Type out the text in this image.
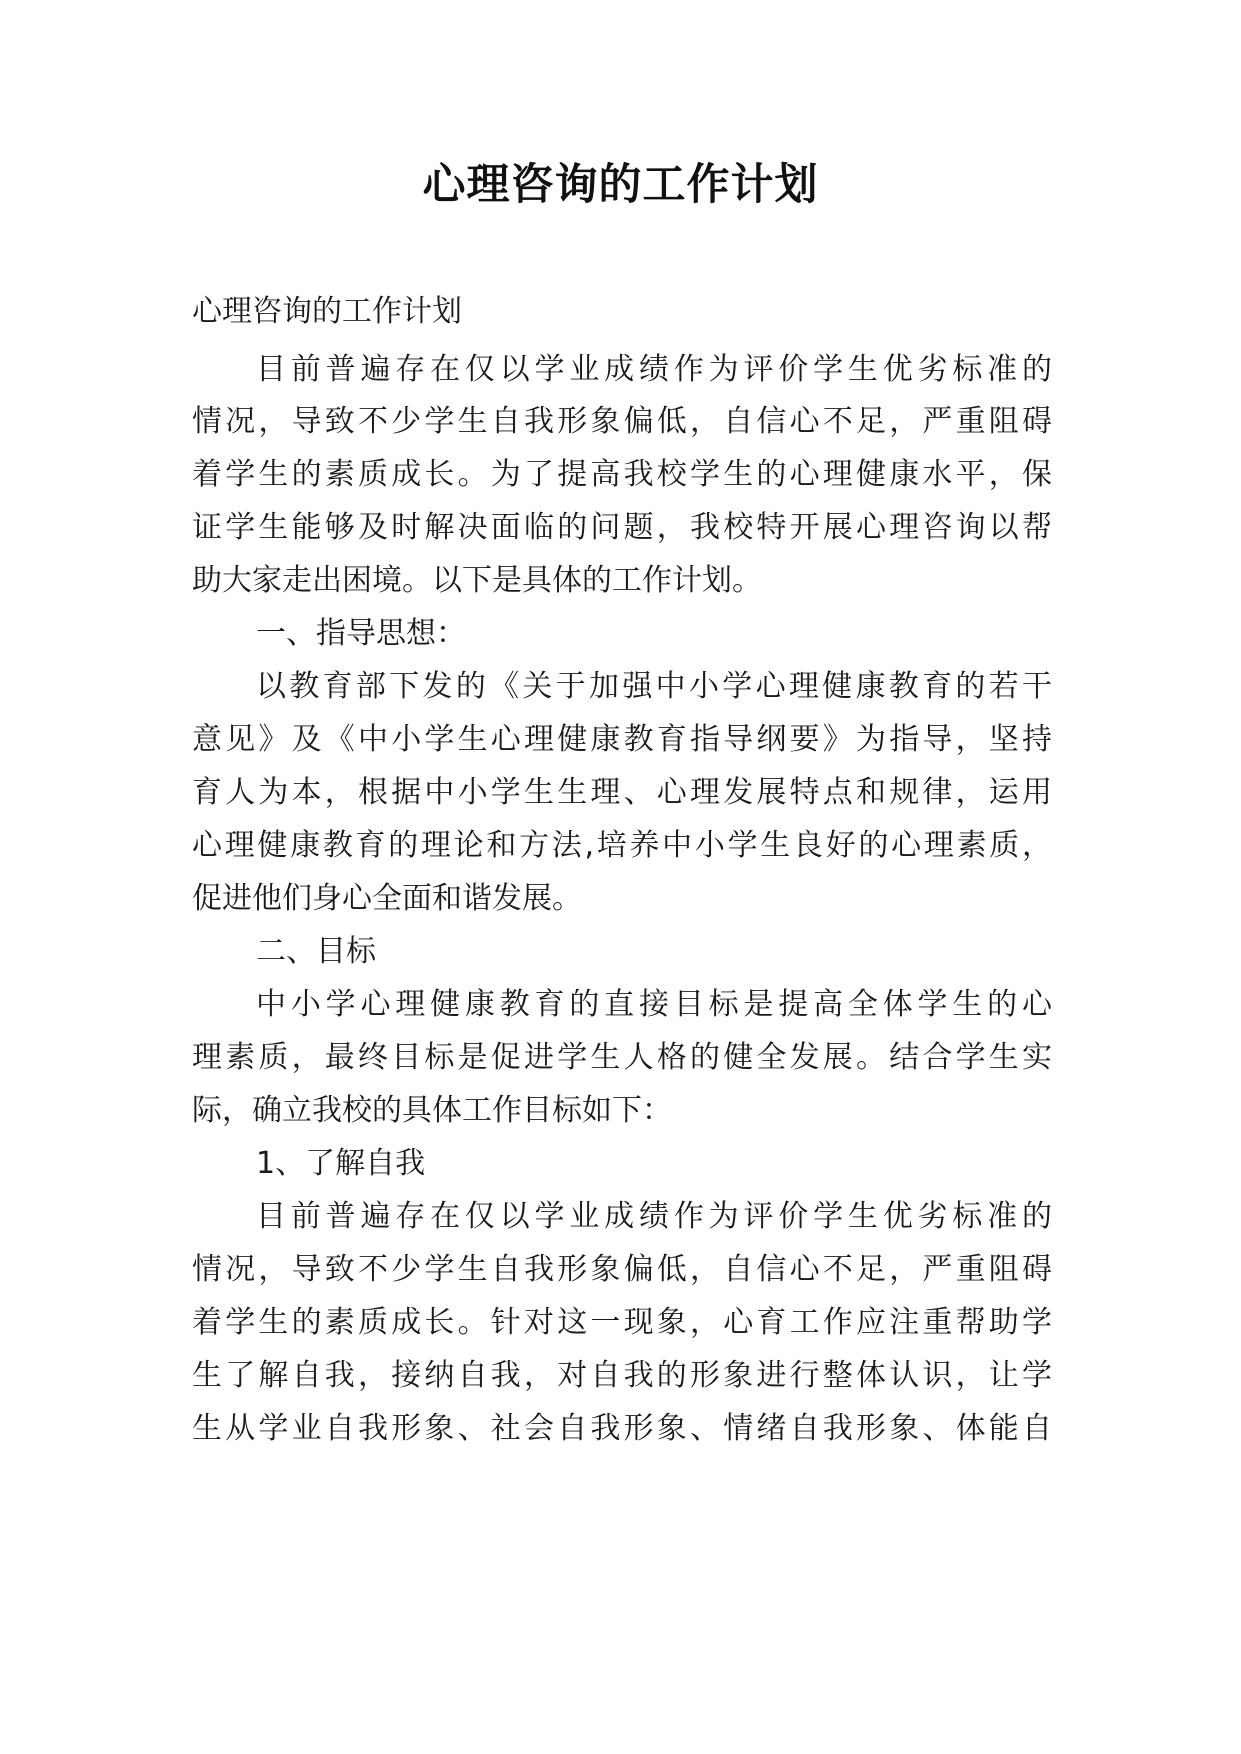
心理咨询的工作计划
心理咨询的工作计划
目前普遍存在仅以学业成绩作为评价学生优劣标准的
情况，导致不少学生自我形象偏低，自信心不足，严重阻碍
着学生的素质成长。为了提高我校学生的心理健康水平，保
证学生能够及时解决面临的问题，我校特开展心理咨询以帮
助大家走出困境。以下是具体的工作计划。
一、指导思想：
以教育部下发的《关于加强中小学心理健康教育的若干
意见》及《中小学生心理健康教育指导纲要》为指导，坚持
育人为本，根据中小学生生理、心理发展特点和规律，运用
心理健康教育的理论和方法,培养中小学生良好的心理素质，
促进他们身心全面和谐发展。
二、目标
中小学心理健康教育的直接目标是提高全体学生的心
理素质，最终目标是促进学生人格的健全发展。结合学生实
际，确立我校的具体工作目标如下：
1、了解自我
目前普遍存在仅以学业成绩作为评价学生优劣标准的
情况，导致不少学生自我形象偏低，自信心不足，严重阻碍
着学生的素质成长。针对这一现象，心育工作应注重帮助学
生了解自我，接纳自我，对自我的形象进行整体认识，让学
生从学业自我形象、社会自我形象、情绪自我形象、体能自
